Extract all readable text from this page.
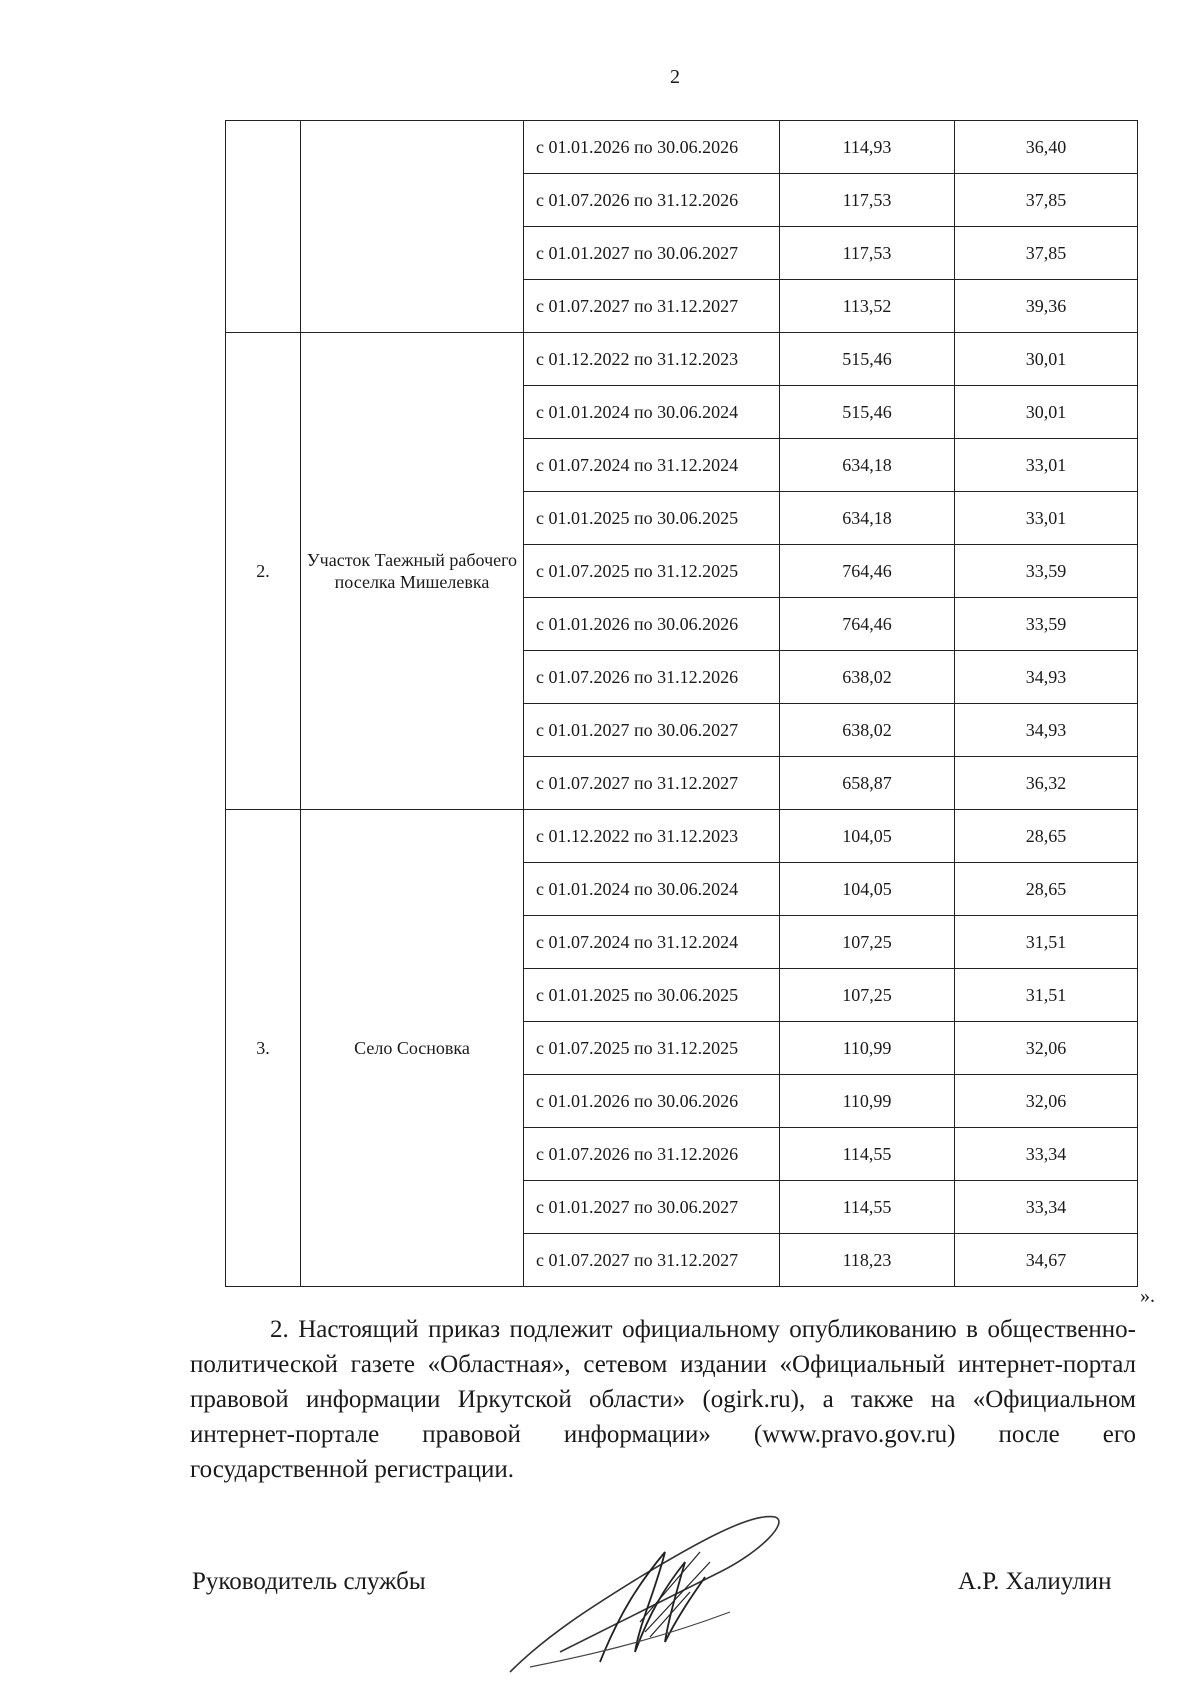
2
		с 01.01.2026 по 30.06.2026	114,93	36,40
		с 01.07.2026 по 31.12.2026	117,53	37,85
		с 01.01.2027 по 30.06.2027	117,53	37,85
		с 01.07.2027 по 31.12.2027	113,52	39,36
2.	Участок Таежный рабочего поселка Мишелевка	с 01.12.2022 по 31.12.2023	515,46	30,01
		с 01.01.2024 по 30.06.2024	515,46	30,01
		с 01.07.2024 по 31.12.2024	634,18	33,01
		с 01.01.2025 по 30.06.2025	634,18	33,01
		с 01.07.2025 по 31.12.2025	764,46	33,59
		с 01.01.2026 по 30.06.2026	764,46	33,59
		с 01.07.2026 по 31.12.2026	638,02	34,93
		с 01.01.2027 по 30.06.2027	638,02	34,93
		с 01.07.2027 по 31.12.2027	658,87	36,32
3.	Село Сосновка	с 01.12.2022 по 31.12.2023	104,05	28,65
		с 01.01.2024 по 30.06.2024	104,05	28,65
		с 01.07.2024 по 31.12.2024	107,25	31,51
		с 01.01.2025 по 30.06.2025	107,25	31,51
		с 01.07.2025 по 31.12.2025	110,99	32,06
		с 01.01.2026 по 30.06.2026	110,99	32,06
		с 01.07.2026 по 31.12.2026	114,55	33,34
		с 01.01.2027 по 30.06.2027	114,55	33,34
		с 01.07.2027 по 31.12.2027	118,23	34,67
».
2. Настоящий приказ подлежит официальному опубликованию в общественно-политической газете «Областная», сетевом издании «Официальный интернет-портал правовой информации Иркутской области» (ogirk.ru), а также на «Официальном интернет-портале правовой информации» (www.pravo.gov.ru) после его государственной регистрации.
Руководитель службы	А.Р. Халиулин
